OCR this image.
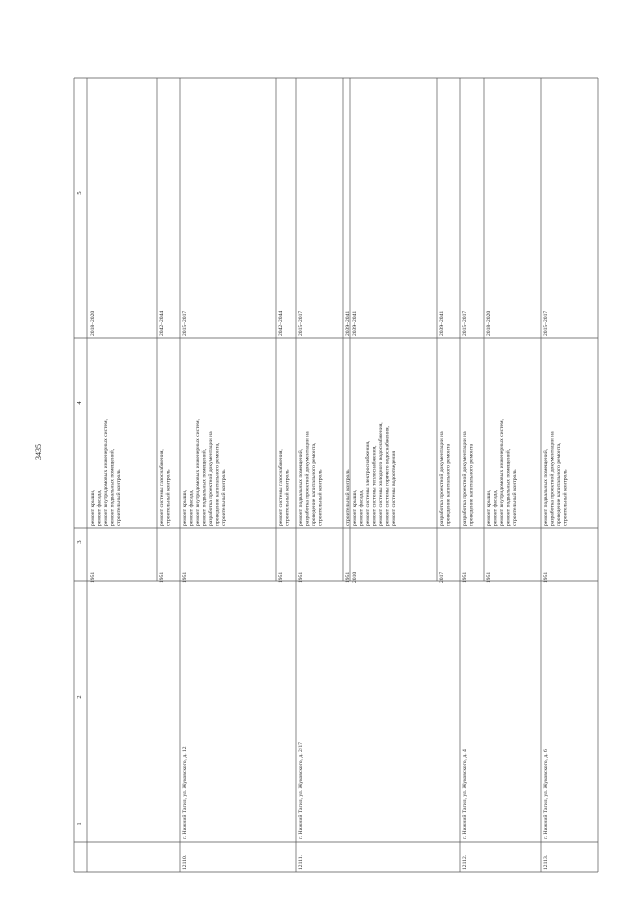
3435
1
2
3
4
5
1951
ремонт крыши, ремонт фасада, ремонт внутридомовых инженерных систем, ремонт подвальных помещений, строительный контроль
2018–2020
1951
ремонт системы газоснабжения, строительный контроль
2042–2044
12110.
г. Нижний Тагил, ул. Жуковского, д. 12
1951
ремонт крыши, ремонт фасада, ремонт внутридомовых инженерных систем, ремонт подвальных помещений, разработка проектной документации на проведение капитального ремонта, строительный контроль
2015–2017
1951
ремонт системы газоснабжения, строительный контроль
2042–2044
12111.
г. Нижний Тагил, ул. Жуковского, д. 2/17
1951
ремонт подвальных помещений, разработка проектной документации на проведение капитального ремонта, строительный контроль
2015–2017
1951
строительный контроль
2039–2041
2010
ремонт крыши, ремонт фасада, ремонт системы электроснабжения, ремонт системы теплоснабжения, ремонт системы холодного водоснабжения, ремонт системы горячего водоснабжения, ремонт системы водоотведения
2039–2041
2017
разработка проектной документации на проведение капитального ремонта
2039–2041
12112.
г. Нижний Тагил, ул. Жуковского, д. 4
1951
разработка проектной документации на проведение капитального ремонта
2015–2017
1951
ремонт крыши, ремонт фасада, ремонт внутридомовых инженерных систем, ремонт подвальных помещений, строительный контроль
2018–2020
12113.
г. Нижний Тагил, ул. Жуковского, д. 6
1951
ремонт подвальных помещений, разработка проектной документации на проведение капитального ремонта, строительный контроль
2015–2017
